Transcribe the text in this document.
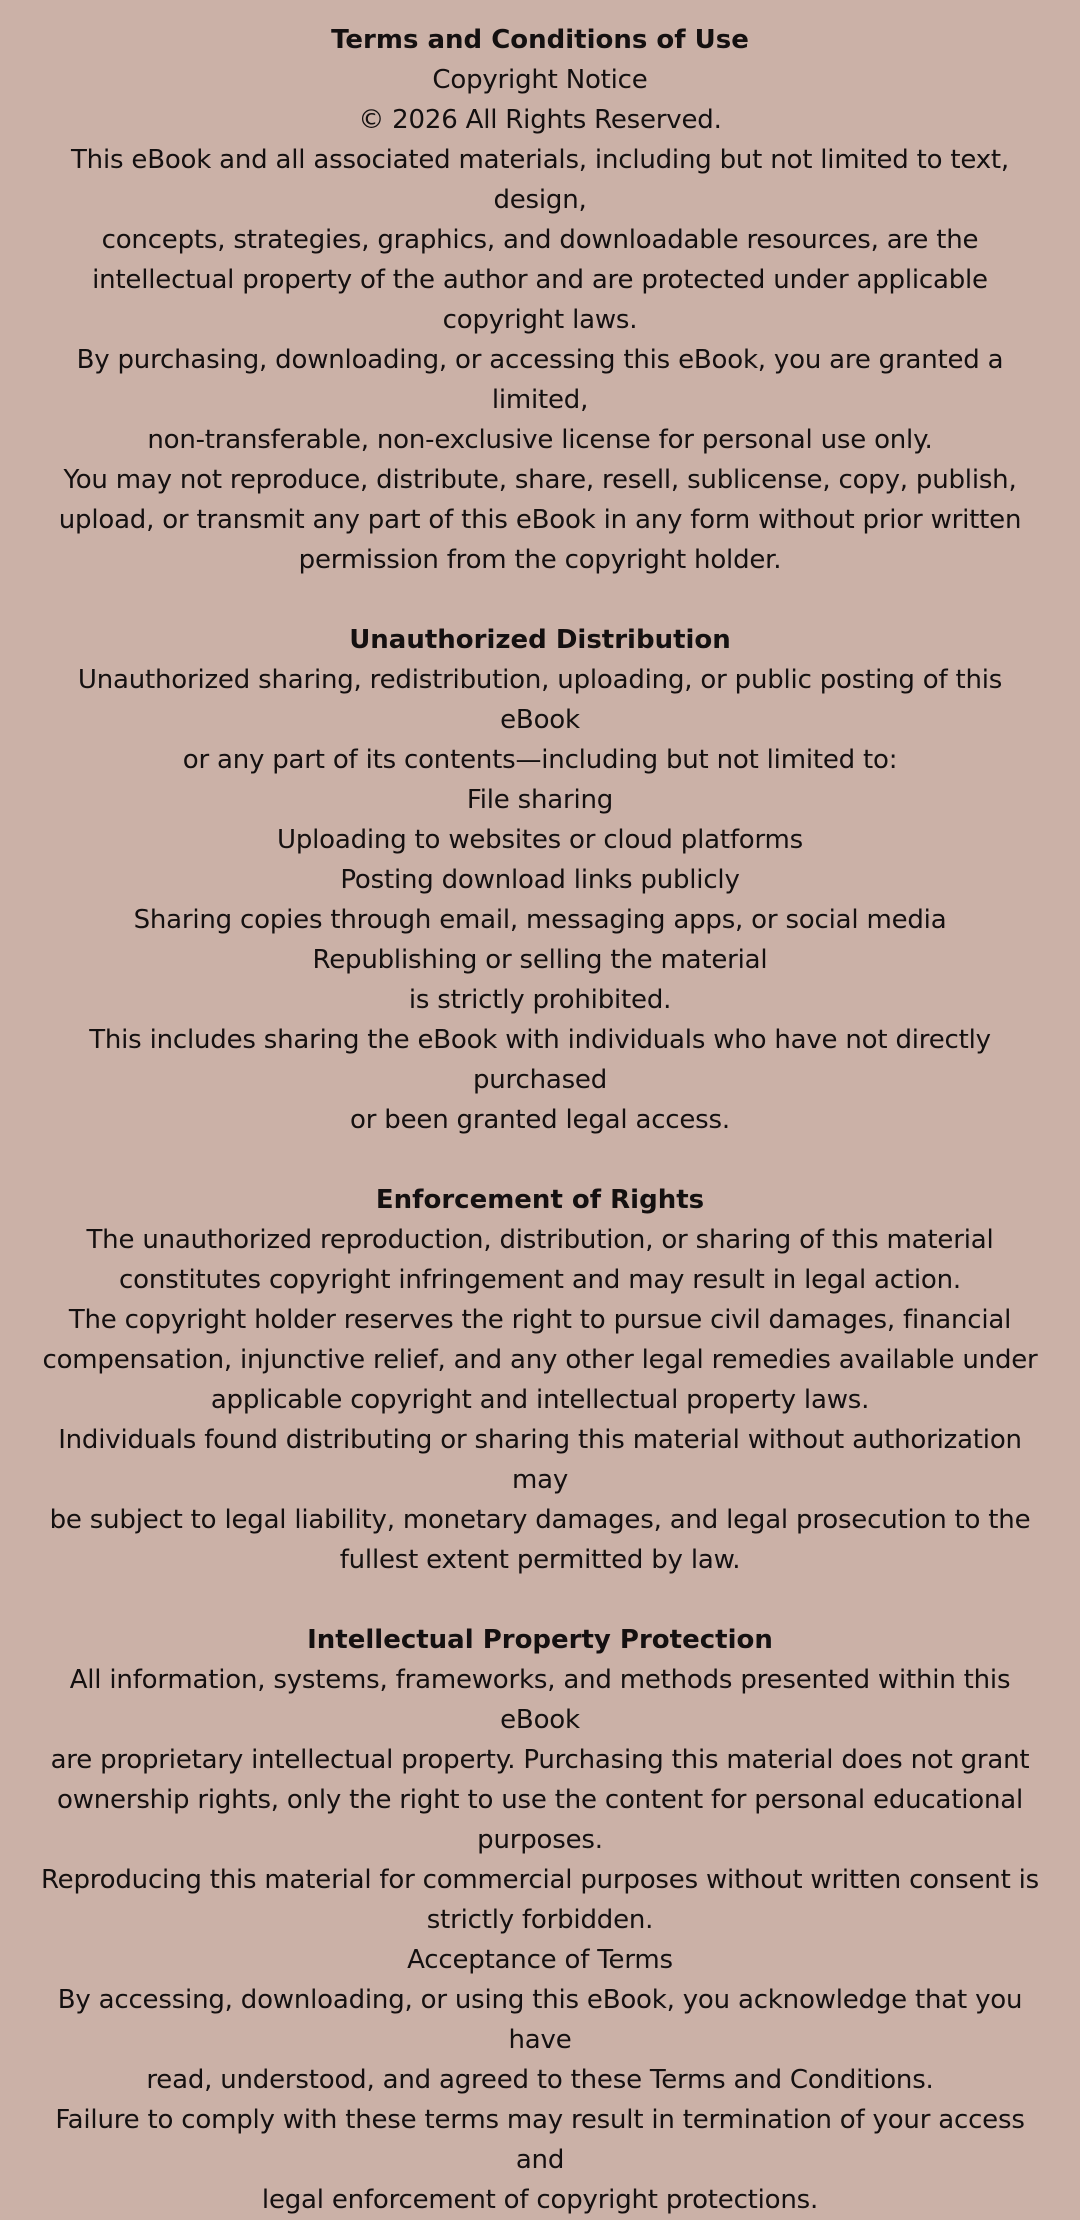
Terms and Conditions of Use

Copyright Notice

© 2026 All Rights Reserved.

This eBook and all associated materials, including but not limited to text, design,

concepts, strategies, graphics, and downloadable resources, are the

intellectual property of the author and are protected under applicable

copyright laws.

By purchasing, downloading, or accessing this eBook, you are granted a limited,

non-transferable, non-exclusive license for personal use only.

You may not reproduce, distribute, share, resell, sublicense, copy, publish,

upload, or transmit any part of this eBook in any form without prior written

permission from the copyright holder.

Unauthorized Distribution

Unauthorized sharing, redistribution, uploading, or public posting of this eBook

or any part of its contents—including but not limited to:

File sharing

Uploading to websites or cloud platforms

Posting download links publicly

Sharing copies through email, messaging apps, or social media

Republishing or selling the material

is strictly prohibited.

This includes sharing the eBook with individuals who have not directly purchased

or been granted legal access.

Enforcement of Rights

The unauthorized reproduction, distribution, or sharing of this material

constitutes copyright infringement and may result in legal action.

The copyright holder reserves the right to pursue civil damages, financial

compensation, injunctive relief, and any other legal remedies available under

applicable copyright and intellectual property laws.

Individuals found distributing or sharing this material without authorization may

be subject to legal liability, monetary damages, and legal prosecution to the

fullest extent permitted by law.

Intellectual Property Protection

All information, systems, frameworks, and methods presented within this eBook

are proprietary intellectual property. Purchasing this material does not grant

ownership rights, only the right to use the content for personal educational

purposes.

Reproducing this material for commercial purposes without written consent is

strictly forbidden.

Acceptance of Terms

By accessing, downloading, or using this eBook, you acknowledge that you have

read, understood, and agreed to these Terms and Conditions.

Failure to comply with these terms may result in termination of your access and

legal enforcement of copyright protections.
